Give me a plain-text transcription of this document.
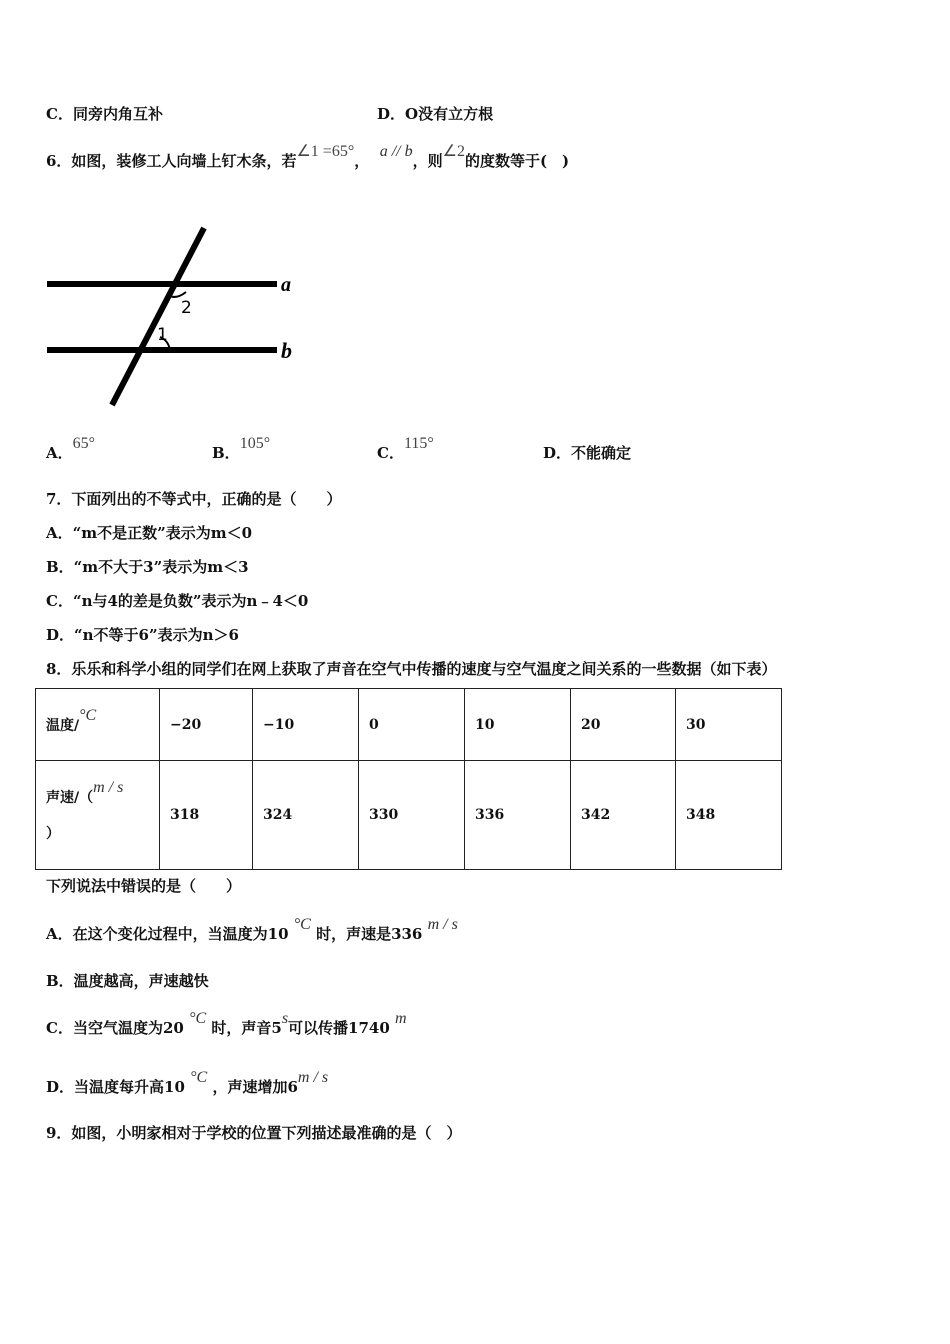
C．同旁内角互补	D．O没有立方根
6．如图，装修工人向墙上钉木条，若∠1 =65°，  a // b，则∠2的度数等于(　)
a
b
2
1
A．65°
B．105°
C．115°
D．不能确定
7．下面列出的不等式中，正确的是（　　）
A．“m不是正数”表示为m＜0
B．“m不大于3”表示为m＜3
C．“n与4的差是负数”表示为n﹣4＜0
D．“n不等于6”表示为n＞6
8．乐乐和科学小组的同学们在网上获取了声音在空气中传播的速度与空气温度之间关系的一些数据（如下表）
温度/°C	−20	−10	0	10	20	30
声速/（m / s

）	318	324	330	336	342	348
下列说法中错误的是（　　）
A．在这个变化过程中，当温度为10 °C 时，声速是336 m / s
B．温度越高，声速越快
C．当空气温度为20 °C 时，声音5s可以传播1740 m
D．当温度每升高10 °C ，声速增加6m / s
9．如图，小明家相对于学校的位置下列描述最准确的是（　）
